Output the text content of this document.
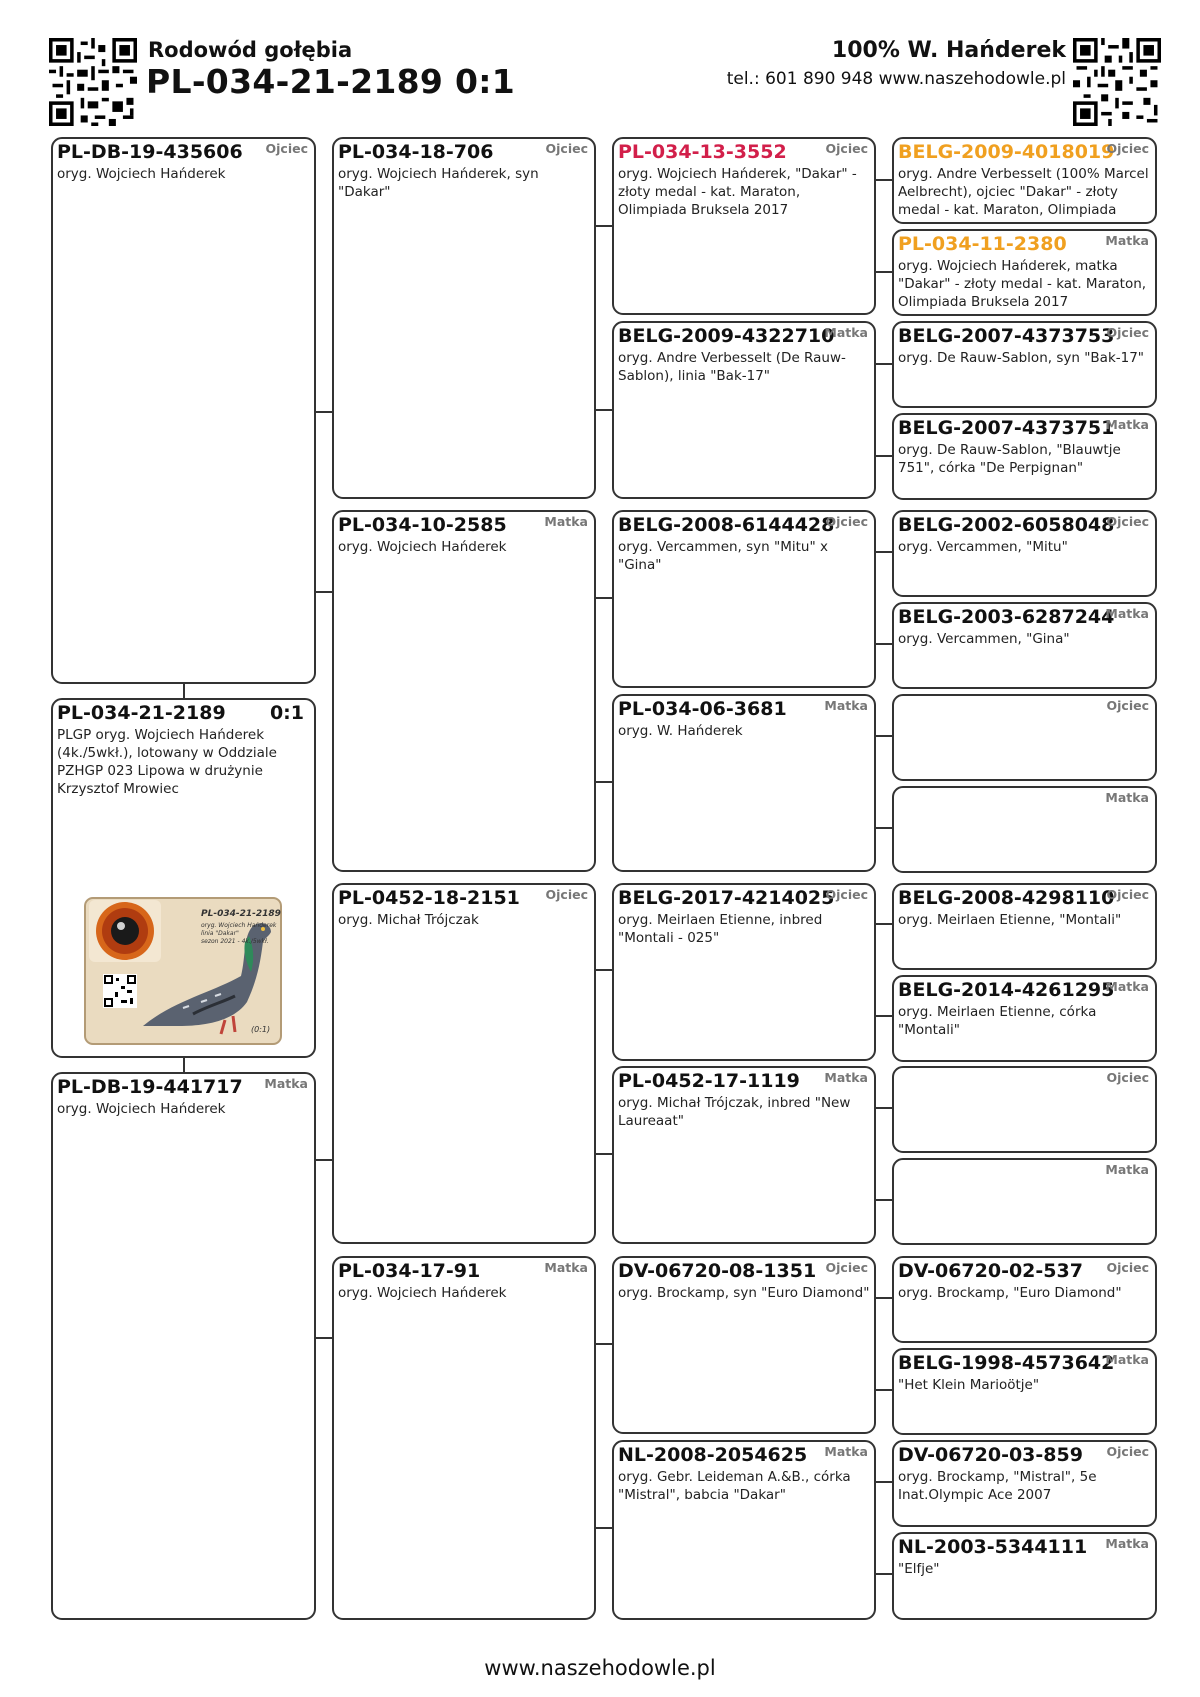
Rodowód gołębia
PL-034-21-2189 0:1
100% W. Hańderek
tel.: 601 890 948 www.naszehodowle.pl
PL-DB-19-435606 Ojciec
oryg. Wojciech Hańderek
PL-034-21-2189 0:1
PLGP oryg. Wojciech Hańderek (4k./5wkł.), lotowany w Oddziale PZHGP 023 Lipowa w drużynie Krzysztof Mrowiec
PL-034-21-2189
oryg. Wojciech Hańderek
linia "Dakar"
sezon 2021 - 4k./5wkł.
(0:1)
PL-DB-19-441717 Matka
oryg. Wojciech Hańderek
PL-034-18-706	Ojciec
oryg. Wojciech Hańderek, syn "Dakar"
PL-034-10-2585	Matka
oryg. Wojciech Hańderek
PL-0452-18-2151 Ojciec
oryg. Michał Trójczak
PL-034-17-91	Matka
oryg. Wojciech Hańderek
PL-034-13-3552	Ojciec
oryg. Wojciech Hańderek, "Dakar" - złoty medal - kat. Maraton, Olimpiada Bruksela 2017
BELG-2009-4322710
Matka
oryg. Andre Verbesselt (De Rauw-Sablon), linia "Bak-17"
BELG-2008-6144428
Ojciec
oryg. Vercammen, syn "Mitu" x "Gina"
PL-034-06-3681	Matka
oryg. W. Hańderek
BELG-2017-4214025
Ojciec
oryg. Meirlaen Etienne, inbred "Montali - 025"
PL-0452-17-1119 Matka
oryg. Michał Trójczak, inbred "New Laureaat"
DV-06720-08-1351 Ojciec
oryg. Brockamp, syn "Euro Diamond"
NL-2008-2054625 Matka
oryg. Gebr. Leideman A.&B., córka "Mistral", babcia "Dakar"
BELG-2009-4018019
Ojciec
oryg. Andre Verbesselt (100% Marcel Aelbrecht), ojciec "Dakar" - złoty medal - kat. Maraton, Olimpiada
PL-034-11-2380	Matka
oryg. Wojciech Hańderek, matka "Dakar" - złoty medal - kat. Maraton, Olimpiada Bruksela 2017
BELG-2007-4373753
Ojciec
oryg. De Rauw-Sablon, syn "Bak-17"
BELG-2007-4373751
Matka
oryg. De Rauw-Sablon, "Blauwtje 751", córka "De Perpignan"
BELG-2002-6058048
Ojciec
oryg. Vercammen, "Mitu"
BELG-2003-6287244
Matka
oryg. Vercammen, "Gina"
Ojciec
Matka
BELG-2008-4298110
Ojciec
oryg. Meirlaen Etienne, "Montali"
BELG-2014-4261295
Matka
oryg. Meirlaen Etienne, córka "Montali"
Ojciec
Matka
DV-06720-02-537 Ojciec
oryg. Brockamp, "Euro Diamond"
BELG-1998-4573642
Matka
"Het Klein Marioötje"
DV-06720-03-859 Ojciec
oryg. Brockamp, "Mistral", 5e Inat.Olympic Ace 2007
NL-2003-5344111 Matka
"Elfje"
www.naszehodowle.pl
